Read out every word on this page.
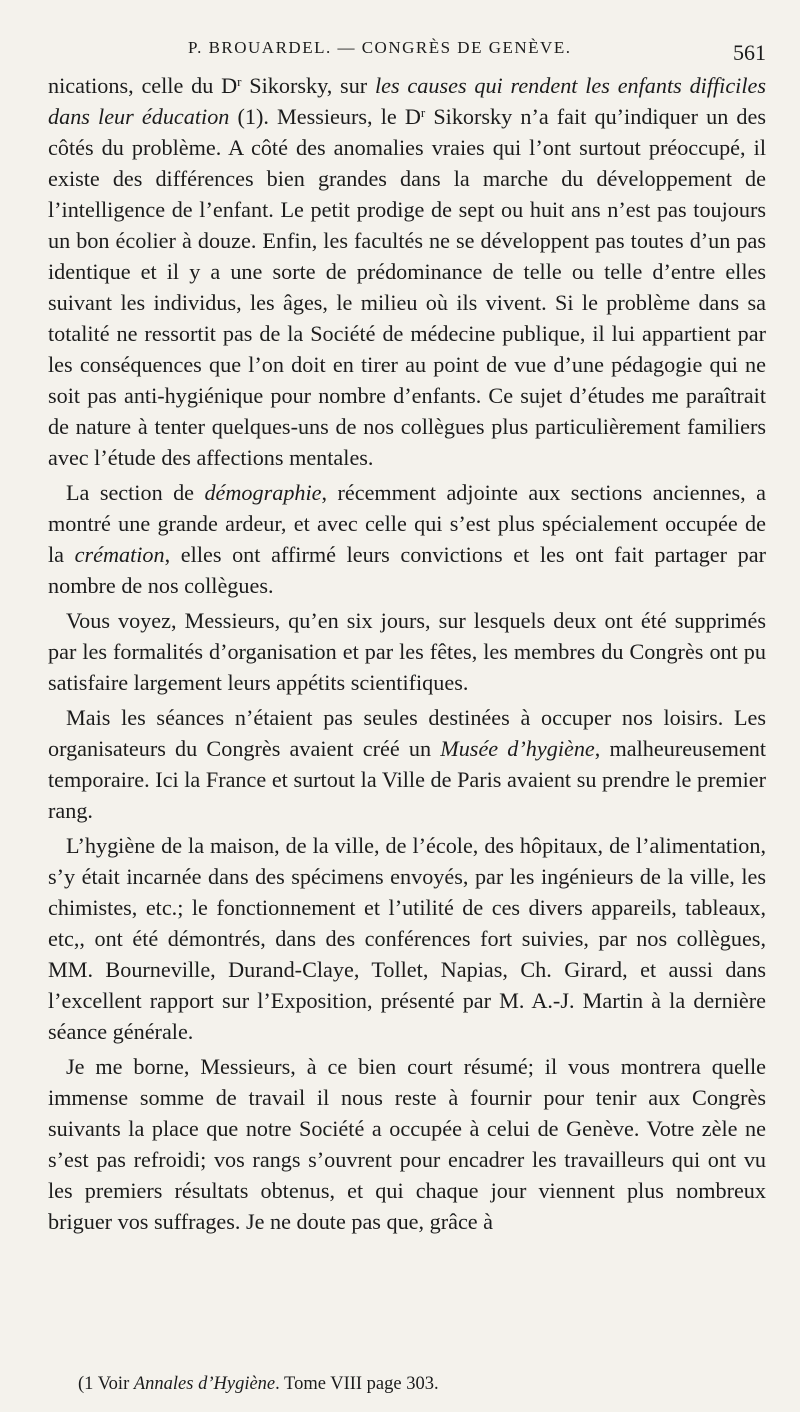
P. BROUARDEL. — CONGRÈS DE GENÈVE.	561

nications, celle du $D^r$ Sikorsky, sur les causes qui rendent les enfants difficiles dans leur éducation (1). Messieurs, le $D^r$ Sikorsky n’a fait qu’indiquer un des côtés du problème. A côté des anomalies vraies qui l’ont surtout préoccupé, il existe des différences bien grandes dans la marche du développement de l’intelligence de l’enfant. Le petit prodige de sept ou huit ans n’est pas toujours un bon écolier à douze. Enfin, les facultés ne se développent pas toutes d’un pas identique et il y a une sorte de prédominance de telle ou telle d’entre elles suivant les individus, les âges, le milieu où ils vivent. Si le problème dans sa totalité ne ressortit pas de la Société de médecine publique, il lui appartient par les conséquences que l’on doit en tirer au point de vue d’une pédagogie qui ne soit pas anti-hygiénique pour nombre d’enfants. Ce sujet d’études me paraîtrait de nature à tenter quelques-uns de nos collègues plus particulièrement familiers avec l’étude des affections mentales.

La section de démographie, récemment adjointe aux sections anciennes, a montré une grande ardeur, et avec celle qui s’est plus spécialement occupée de la crémation, elles ont affirmé leurs convictions et les ont fait partager par nombre de nos collègues.

Vous voyez, Messieurs, qu’en six jours, sur lesquels deux ont été supprimés par les formalités d’organisation et par les fêtes, les membres du Congrès ont pu satisfaire largement leurs appétits scientifiques.

Mais les séances n’étaient pas seules destinées à occuper nos loisirs. Les organisateurs du Congrès avaient créé un Musée d’hygiène, malheureusement temporaire. Ici la France et surtout la Ville de Paris avaient su prendre le premier rang.

L’hygiène de la maison, de la ville, de l’école, des hôpitaux, de l’alimentation, s’y était incarnée dans des spécimens envoyés, par les ingénieurs de la ville, les chimistes, etc.; le fonctionnement et l’utilité de ces divers appareils, tableaux, etc,, ont été démontrés, dans des conférences fort suivies, par nos collègues, MM. Bourneville, Durand-Claye, Tollet, Napias, Ch. Girard, et aussi dans l’excellent rapport sur l’Exposition, présenté par M. A.-J. Martin à la dernière séance générale.

Je me borne, Messieurs, à ce bien court résumé; il vous montrera quelle immense somme de travail il nous reste à fournir pour tenir aux Congrès suivants la place que notre Société a occupée à celui de Genève. Votre zèle ne s’est pas refroidi; vos rangs s’ouvrent pour encadrer les travailleurs qui ont vu les premiers résultats obtenus, et qui chaque jour viennent plus nombreux briguer vos suffrages. Je ne doute pas que, grâce à

(1 Voir Annales d’Hygiène. Tome VIII page 303.
